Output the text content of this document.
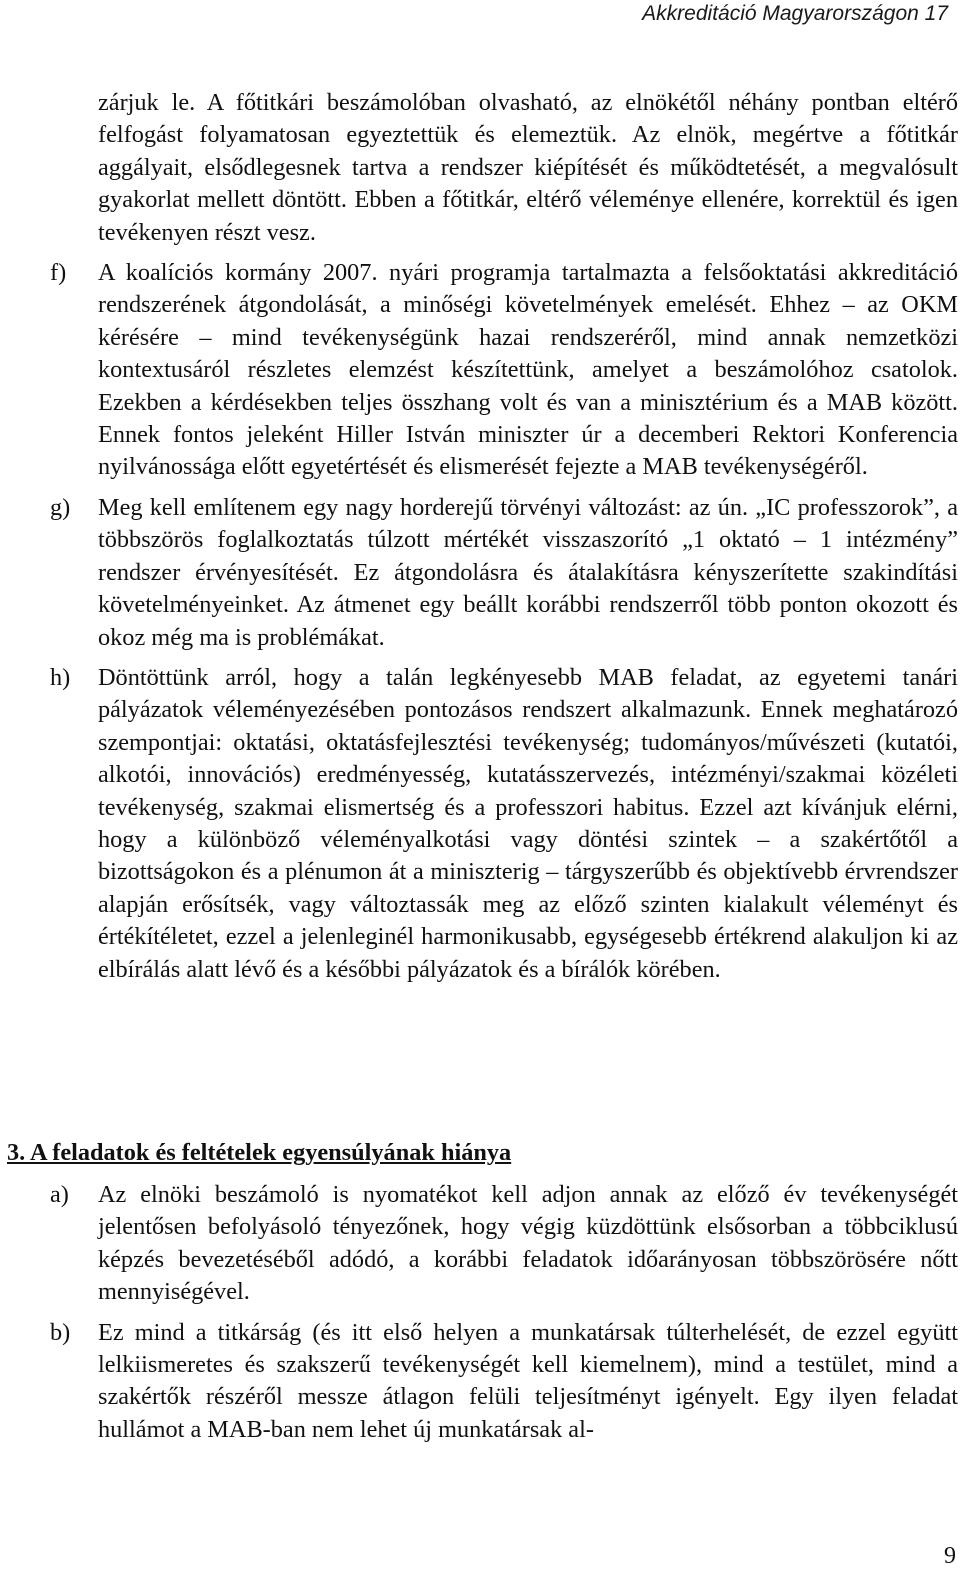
Akkreditáció Magyarországon 17

zárjuk le. A főtitkári beszámolóban olvasható, az elnökétől néhány pontban eltérő felfogást folyamatosan egyeztettük és elemeztük. Az elnök, megértve a főtitkár aggályait, elsődlegesnek tartva a rendszer kiépítését és működtetését, a megvalósult gyakorlat mellett döntött. Ebben a főtitkár, eltérő véleménye ellenére, korrektül és igen tevékenyen részt vesz.

f) A koalíciós kormány 2007. nyári programja tartalmazta a felsőoktatási akkreditáció rendszerének átgondolását, a minőségi követelmények emelését. Ehhez – az OKM kérésére – mind tevékenységünk hazai rendszeréről, mind annak nemzetközi kontextusáról részletes elemzést készítettünk, amelyet a beszámolóhoz csatolok. Ezekben a kérdésekben teljes összhang volt és van a minisztérium és a MAB között. Ennek fontos jeleként Hiller István miniszter úr a decemberi Rektori Konferencia nyilvánossága előtt egyetértését és elismerését fejezte a MAB tevékenységéről.

g) Meg kell említenem egy nagy horderejű törvényi változást: az ún. „IC professzorok”, a többszörös foglalkoztatás túlzott mértékét visszaszorító „1 oktató – 1 intézmény” rendszer érvényesítését. Ez átgondolásra és átalakításra kényszerítette szakindítási követelményeinket. Az átmenet egy beállt korábbi rendszerről több ponton okozott és okoz még ma is problémákat.

h) Döntöttünk arról, hogy a talán legkényesebb MAB feladat, az egyetemi tanári pályázatok véleményezésében pontozásos rendszert alkalmazunk. Ennek meghatározó szempontjai: oktatási, oktatásfejlesztési tevékenység; tudományos/művészeti (kutatói, alkotói, innovációs) eredményesség, kutatásszervezés, intézményi/szakmai közéleti tevékenység, szakmai elismertség és a professzori habitus. Ezzel azt kívánjuk elérni, hogy a különböző véleményalkotási vagy döntési szintek – a szakértőtől a bizottságokon és a plénumon át a miniszterig – tárgyszerűbb és objektívebb érvrendszer alapján erősítsék, vagy változtassák meg az előző szinten kialakult véleményt és értékítéletet, ezzel a jelenleginél harmonikusabb, egységesebb értékrend alakuljon ki az elbírálás alatt lévő és a későbbi pályázatok és a bírálók körében.

3. A feladatok és feltételek egyensúlyának hiánya
a) Az elnöki beszámoló is nyomatékot kell adjon annak az előző év tevékenységét jelentősen befolyásoló tényezőnek, hogy végig küzdöttünk elsősorban a többciklusú képzés bevezetéséből adódó, a korábbi feladatok időarányosan többszörösére nőtt mennyiségével.

b) Ez mind a titkárság (és itt első helyen a munkatársak túlterhelését, de ezzel együtt lelkiismeretes és szakszerű tevékenységét kell kiemelnem), mind a testület, mind a szakértők részéről messze átlagon felüli teljesítményt igényelt. Egy ilyen feladat hullámot a MAB-ban nem lehet új munkatársak al-

9
